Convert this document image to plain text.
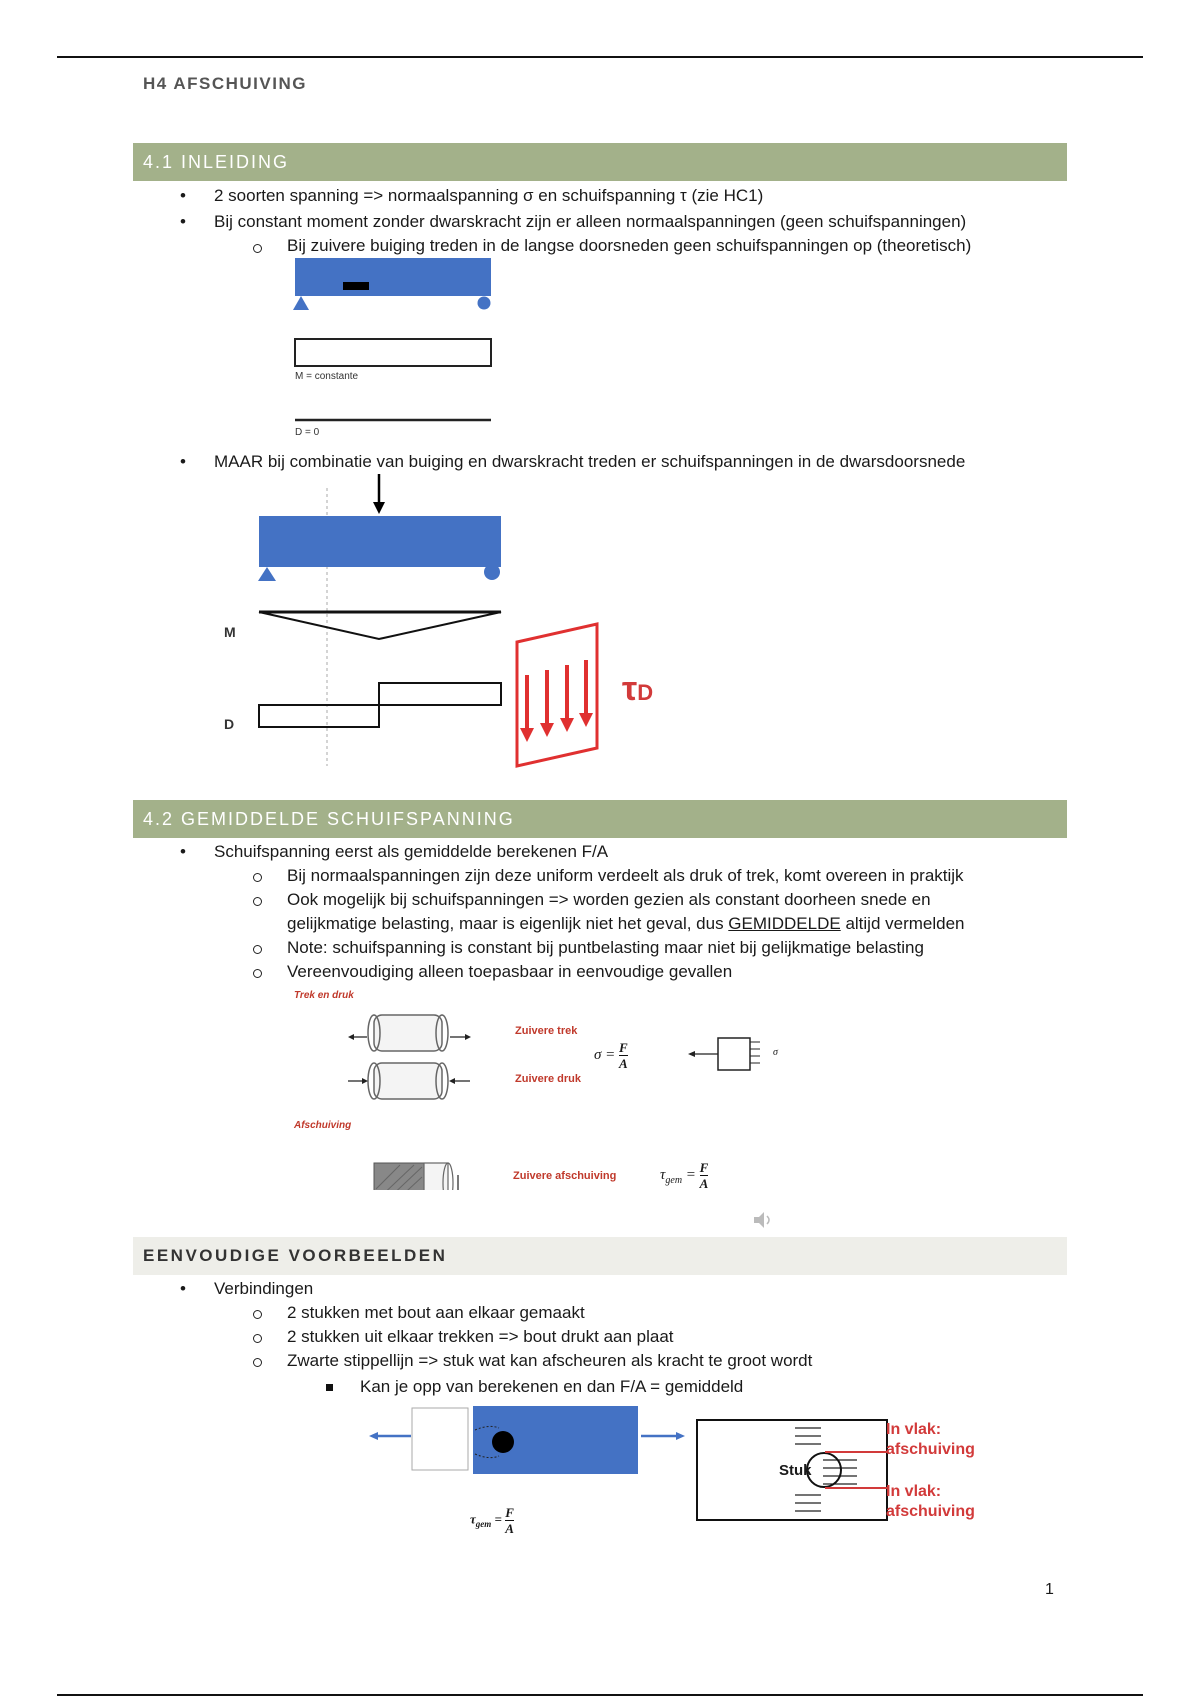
H4 AFSCHUIVING
4.1 INLEIDING
• 2 soorten spanning => normaalspanning σ en schuifspanning τ (zie HC1)
• Bij constant moment zonder dwarskracht zijn er alleen normaalspanningen (geen schuifspanningen)
Bij zuivere buiging treden in de langse doorsneden geen schuifspanningen op (theoretisch)
M = constante
D = 0
• MAAR bij combinatie van buiging en dwarskracht treden er schuifspanningen in de dwarsdoorsnede
M
D
τD
4.2 GEMIDDELDE SCHUIFSPANNING
• Schuifspanning eerst als gemiddelde berekenen F/A
Bij normaalspanningen zijn deze uniform verdeelt als druk of trek, komt overeen in praktijk
Ook mogelijk bij schuifspanningen => worden gezien als constant doorheen snede en
gelijkmatige belasting, maar is eigenlijk niet het geval, dus GEMIDDELDE altijd vermelden
Note: schuifspanning is constant bij puntbelasting maar niet bij gelijkmatige belasting
Vereenvoudiging alleen toepasbaar in eenvoudige gevallen
Trek en druk
Zuivere trek
Zuivere druk
$\sigma = \frac{F}{A}$	σ
Afschuiving
Zuivere afschuiving	$\tau_{gem} = \frac{F}{A}$
EENVOUDIGE VOORBEELDEN
• Verbindingen
2 stukken met bout aan elkaar gemaakt
2 stukken uit elkaar trekken => bout drukt aan plaat
Zwarte stippellijn => stuk wat kan afscheuren als kracht te groot wordt
Kan je opp van berekenen en dan F/A = gemiddeld
$\tau_{gem} = \frac{F}{A}$
Stuk
In vlak:
afschuiving
In vlak:
afschuiving
1
